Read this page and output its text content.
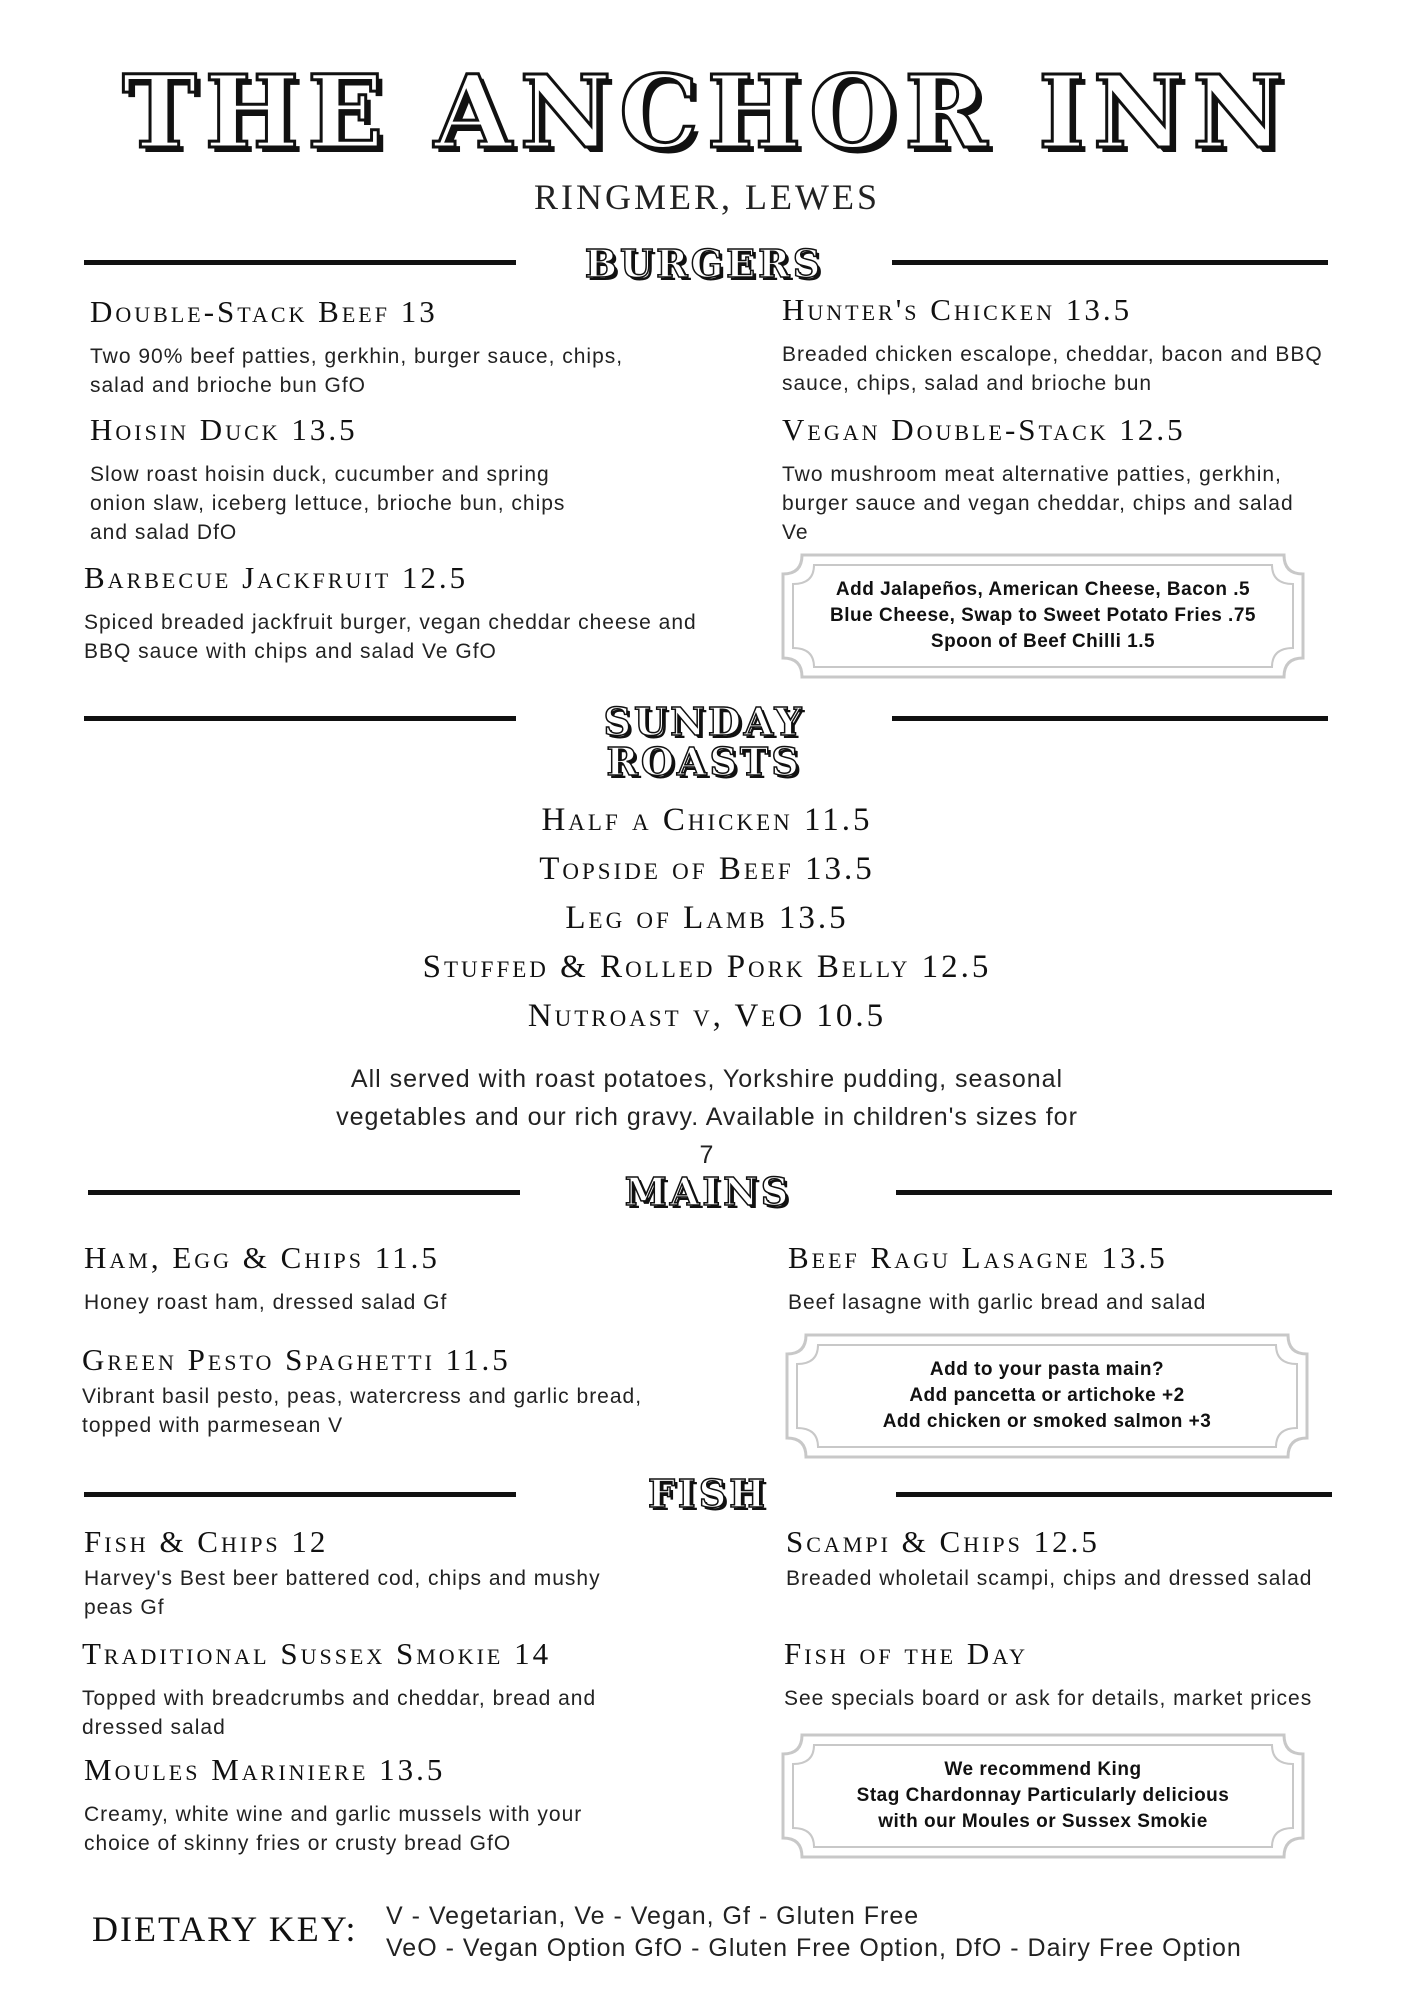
THE ANCHOR INN
RINGMER, LEWES
BURGERS
Double-Stack Beef 13
Two 90% beef patties, gerkhin, burger sauce, chips, salad and brioche bun GfO
Hunter's Chicken 13.5
Breaded chicken escalope, cheddar, bacon and BBQ sauce, chips, salad and brioche bun
Hoisin Duck 13.5
Slow roast hoisin duck, cucumber and spring onion slaw, iceberg lettuce, brioche bun, chips and salad DfO
Vegan Double-Stack 12.5
Two mushroom meat alternative patties, gerkhin, burger sauce and vegan cheddar, chips and salad Ve
Barbecue Jackfruit 12.5
Spiced breaded jackfruit burger, vegan cheddar cheese and BBQ sauce with chips and salad Ve GfO
Add Jalapeños, American Cheese, Bacon .5
Blue Cheese, Swap to Sweet Potato Fries .75
Spoon of Beef Chilli 1.5
SUNDAY
ROASTS
Half a Chicken 11.5
Topside of Beef 13.5
Leg of Lamb 13.5
Stuffed & Rolled Pork Belly 12.5
Nutroast v, VeO 10.5
All served with roast potatoes, Yorkshire pudding, seasonal vegetables and our rich gravy. Available in children's sizes for 7
MAINS
Ham, Egg & Chips 11.5
Honey roast ham, dressed salad Gf
Beef Ragu Lasagne 13.5
Beef lasagne with garlic bread and salad
Green Pesto Spaghetti 11.5
Vibrant basil pesto, peas, watercress and garlic bread, topped with parmesean V
Add to your pasta main?
Add pancetta or artichoke +2
Add chicken or smoked salmon +3
FISH
Fish & Chips 12
Harvey's Best beer battered cod, chips and mushy peas Gf
Scampi & Chips 12.5
Breaded wholetail scampi, chips and dressed salad
Traditional Sussex Smokie 14
Topped with breadcrumbs and cheddar, bread and dressed salad
Fish of the Day
See specials board or ask for details, market prices
Moules Mariniere 13.5
Creamy, white wine and garlic mussels with your choice of skinny fries or crusty bread GfO
We recommend King
Stag Chardonnay Particularly delicious
with our Moules or Sussex Smokie
DIETARY KEY: V - Vegetarian, Ve - Vegan, Gf - Gluten Free
VeO - Vegan Option GfO - Gluten Free Option, DfO - Dairy Free Option
